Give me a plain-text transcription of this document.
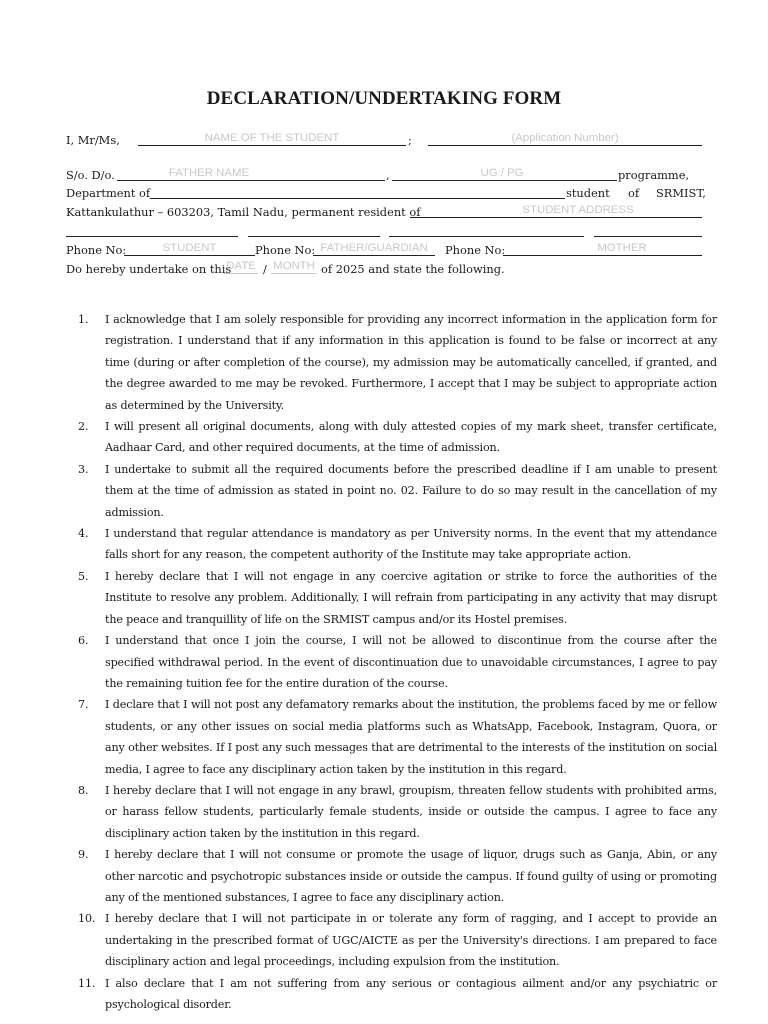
DECLARATION/UNDERTAKING FORM
I, Mr/Ms,	NAME OF THE STUDENT	;	(Application Number)
S/o. D/o.	FATHER NAME	,	UG / PG	programme,
Department of	student of SRMIST,
Kattankulathur – 603203, Tamil Nadu, permanent resident of	STUDENT ADDRESS
Phone No:	STUDENT	Phone No: FATHER/GUARDIAN	Phone No:	MOTHER
Do hereby undertake on this
DATE / MONTH of 2025 and state the following.
1.	I acknowledge that I am solely responsible for providing any incorrect information in the application form for registration. I understand that if any information in this application is found to be false or incorrect at any time (during or after completion of the course), my admission may be automatically cancelled, if granted, and the degree awarded to me may be revoked. Furthermore, I accept that I may be subject to appropriate action as determined by the University.
2.	I will present all original documents, along with duly attested copies of my mark sheet, transfer certificate, Aadhaar Card, and other required documents, at the time of admission.
3.	I undertake to submit all the required documents before the prescribed deadline if I am unable to present them at the time of admission as stated in point no. 02. Failure to do so may result in the cancellation of my admission.
4.	I understand that regular attendance is mandatory as per University norms. In the event that my attendance falls short for any reason, the competent authority of the Institute may take appropriate action.
5.	I hereby declare that I will not engage in any coercive agitation or strike to force the authorities of the Institute to resolve any problem. Additionally, I will refrain from participating in any activity that may disrupt the peace and tranquillity of life on the SRMIST campus and/or its Hostel premises.
6.	I understand that once I join the course, I will not be allowed to discontinue from the course after the specified withdrawal period. In the event of discontinuation due to unavoidable circumstances, I agree to pay the remaining tuition fee for the entire duration of the course.
7.	I declare that I will not post any defamatory remarks about the institution, the problems faced by me or fellow students, or any other issues on social media platforms such as WhatsApp, Facebook, Instagram, Quora, or any other websites. If I post any such messages that are detrimental to the interests of the institution on social media, I agree to face any disciplinary action taken by the institution in this regard.
8.	I hereby declare that I will not engage in any brawl, groupism, threaten fellow students with prohibited arms, or harass fellow students, particularly female students, inside or outside the campus. I agree to face any disciplinary action taken by the institution in this regard.
9.	I hereby declare that I will not consume or promote the usage of liquor, drugs such as Ganja, Abin, or any other narcotic and psychotropic substances inside or outside the campus. If found guilty of using or promoting any of the mentioned substances, I agree to face any disciplinary action.
10. I hereby declare that I will not participate in or tolerate any form of ragging, and I accept to provide an undertaking in the prescribed format of UGC/AICTE as per the University's directions. I am prepared to face disciplinary action and legal proceedings, including expulsion from the institution.
11. I also declare that I am not suffering from any serious or contagious ailment and/or any psychiatric or psychological disorder.
